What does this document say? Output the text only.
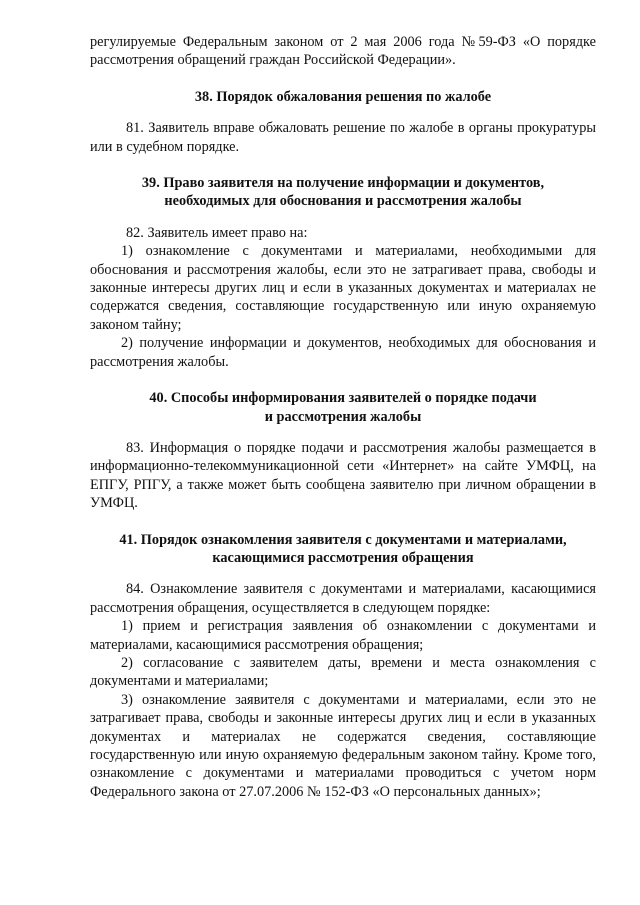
регулируемые Федеральным законом от 2 мая 2006 года №59-ФЗ «О порядке рассмотрения обращений граждан Российской Федерации».

38. Порядок обжалования решения по жалобе

81. Заявитель вправе обжаловать решение по жалобе в органы прокуратуры или в судебном порядке.

39. Право заявителя на получение информации и документов,
необходимых для обоснования и рассмотрения жалобы

82. Заявитель имеет право на:

1) ознакомление с документами и материалами, необходимыми для обоснования и рассмотрения жалобы, если это не затрагивает права, свободы и законные интересы других лиц и если в указанных документах и материалах не содержатся сведения, составляющие государственную или иную охраняемую законом тайну;

2) получение информации и документов, необходимых для обоснования и рассмотрения жалобы.

40. Способы информирования заявителей о порядке подачи
и рассмотрения жалобы

83. Информация о порядке подачи и рассмотрения жалобы размещается в информационно-телекоммуникационной сети «Интернет» на сайте УМФЦ, на ЕПГУ, РПГУ, а также может быть сообщена заявителю при личном обращении в УМФЦ.

41. Порядок ознакомления заявителя с документами и материалами,
касающимися рассмотрения обращения

84. Ознакомление заявителя с документами и материалами, касающимися рассмотрения обращения, осуществляется в следующем порядке:

1) прием и регистрация заявления об ознакомлении с документами и материалами, касающимися рассмотрения обращения;

2) согласование с заявителем даты, времени и места ознакомления с документами и материалами;

3) ознакомление заявителя с документами и материалами, если это не затрагивает права, свободы и законные интересы других лиц и если в указанных документах и материалах не содержатся сведения, составляющие государственную или иную охраняемую федеральным законом тайну. Кроме того, ознакомление с документами и материалами проводиться с учетом норм Федерального закона от 27.07.2006 № 152-ФЗ «О персональных данных»;
